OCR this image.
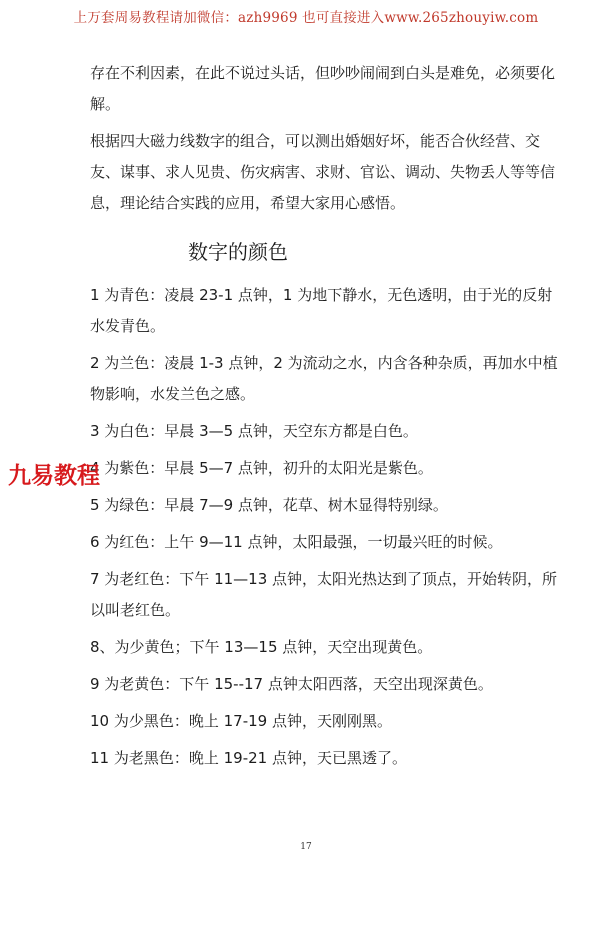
上万套周易教程请加微信：azh9969 也可直接进入www.265zhouyiw.com

存在不利因素，在此不说过头话，但吵吵闹闹到白头是难免，必须要化解。

根据四大磁力线数字的组合，可以测出婚姻好坏，能否合伙经营、交友、谋事、求人见贵、伤灾病害、求财、官讼、调动、失物丢人等等信息，理论结合实践的应用，希望大家用心感悟。

数字的颜色

1 为青色：凌晨 23-1 点钟，1 为地下静水，无色透明，由于光的反射水发青色。

2 为兰色：凌晨 1-3 点钟，2 为流动之水，内含各种杂质，再加水中植物影响，水发兰色之感。

3 为白色：早晨 3—5 点钟，天空东方都是白色。

4 为紫色：早晨 5—7 点钟，初升的太阳光是紫色。

5 为绿色：早晨 7—9 点钟，花草、树木显得特别绿。

6 为红色：上午 9—11 点钟，太阳最强，一切最兴旺的时候。

7 为老红色：下午 11—13 点钟，太阳光热达到了顶点，开始转阴，所以叫老红色。

8、为少黄色；下午 13—15 点钟，天空出现黄色。

9 为老黄色：下午 15--17 点钟太阳西落，天空出现深黄色。

10 为少黑色：晚上 17-19 点钟，天刚刚黑。

11 为老黑色：晚上 19-21 点钟，天已黑透了。

九易教程
17
